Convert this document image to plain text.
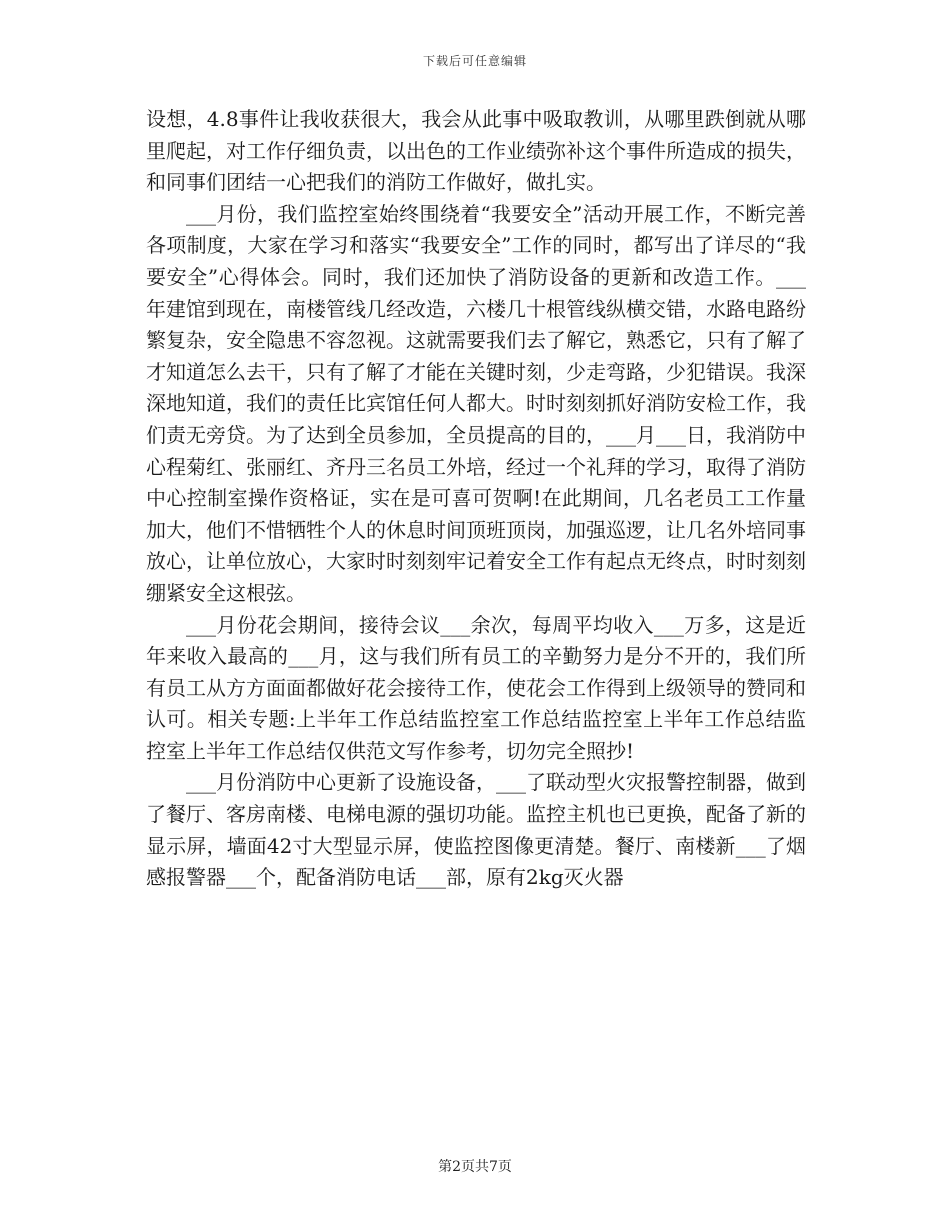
下载后可任意编辑

设想，4.8事件让我收获很大，我会从此事中吸取教训，从哪里跌倒就从哪里爬起，对工作仔细负责，以出色的工作业绩弥补这个事件所造成的损失，和同事们团结一心把我们的消防工作做好，做扎实。

___月份，我们监控室始终围绕着“我要安全”活动开展工作，不断完善各项制度，大家在学习和落实“我要安全”工作的同时，都写出了详尽的“我要安全”心得体会。同时，我们还加快了消防设备的更新和改造工作。___年建馆到现在，南楼管线几经改造，六楼几十根管线纵横交错，水路电路纷繁复杂，安全隐患不容忽视。这就需要我们去了解它，熟悉它，只有了解了才知道怎么去干，只有了解了才能在关键时刻，少走弯路，少犯错误。我深深地知道，我们的责任比宾馆任何人都大。时时刻刻抓好消防安检工作，我们责无旁贷。为了达到全员参加，全员提高的目的，___月___日，我消防中心程菊红、张丽红、齐丹三名员工外培，经过一个礼拜的学习，取得了消防中心控制室操作资格证，实在是可喜可贺啊!在此期间，几名老员工工作量加大，他们不惜牺牲个人的休息时间顶班顶岗，加强巡逻，让几名外培同事放心，让单位放心，大家时时刻刻牢记着安全工作有起点无终点，时时刻刻绷紧安全这根弦。

___月份花会期间，接待会议___余次，每周平均收入___万多，这是近年来收入最高的___月，这与我们所有员工的辛勤努力是分不开的，我们所有员工从方方面面都做好花会接待工作，使花会工作得到上级领导的赞同和认可。相关专题:上半年工作总结监控室工作总结监控室上半年工作总结监控室上半年工作总结仅供范文写作参考，切勿完全照抄!

___月份消防中心更新了设施设备，___了联动型火灾报警控制器，做到了餐厅、客房南楼、电梯电源的强切功能。监控主机也已更换，配备了新的显示屏，墙面42寸大型显示屏，使监控图像更清楚。餐厅、南楼新___了烟感报警器___个，配备消防电话___部，原有2kg灭火器

第2页共7页
